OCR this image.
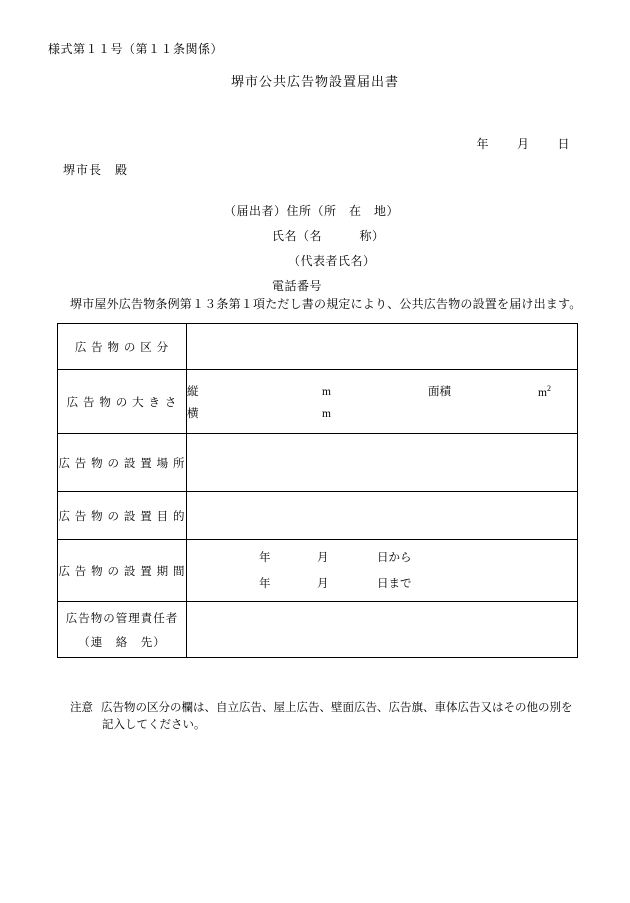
様式第１１号（第１１条関係）
堺市公共広告物設置届出書
年 月 日
堺市長　殿
（届出者）住所（所　在　地）
氏名（名　　　称）
（代表者氏名）
電話番号
堺市屋外広告物条例第１３条第１項ただし書の規定により、公共広告物の設置を届け出ます。
広 告 物 の 区 分	

広 告 物 の 大 き さ	縦 m 面積 $m^2$
横 m

広 告 物 の 設 置 場 所	

広 告 物 の 設 置 目 的	

広 告 物 の 設 置 期 間	年 月 日から
年 月 日まで

広告物の管理責任者
（連　絡　先）	

注意 広告物の区分の欄は、自立広告、屋上広告、壁面広告、広告旗、車体広告又はその他の別を
記入してください。
